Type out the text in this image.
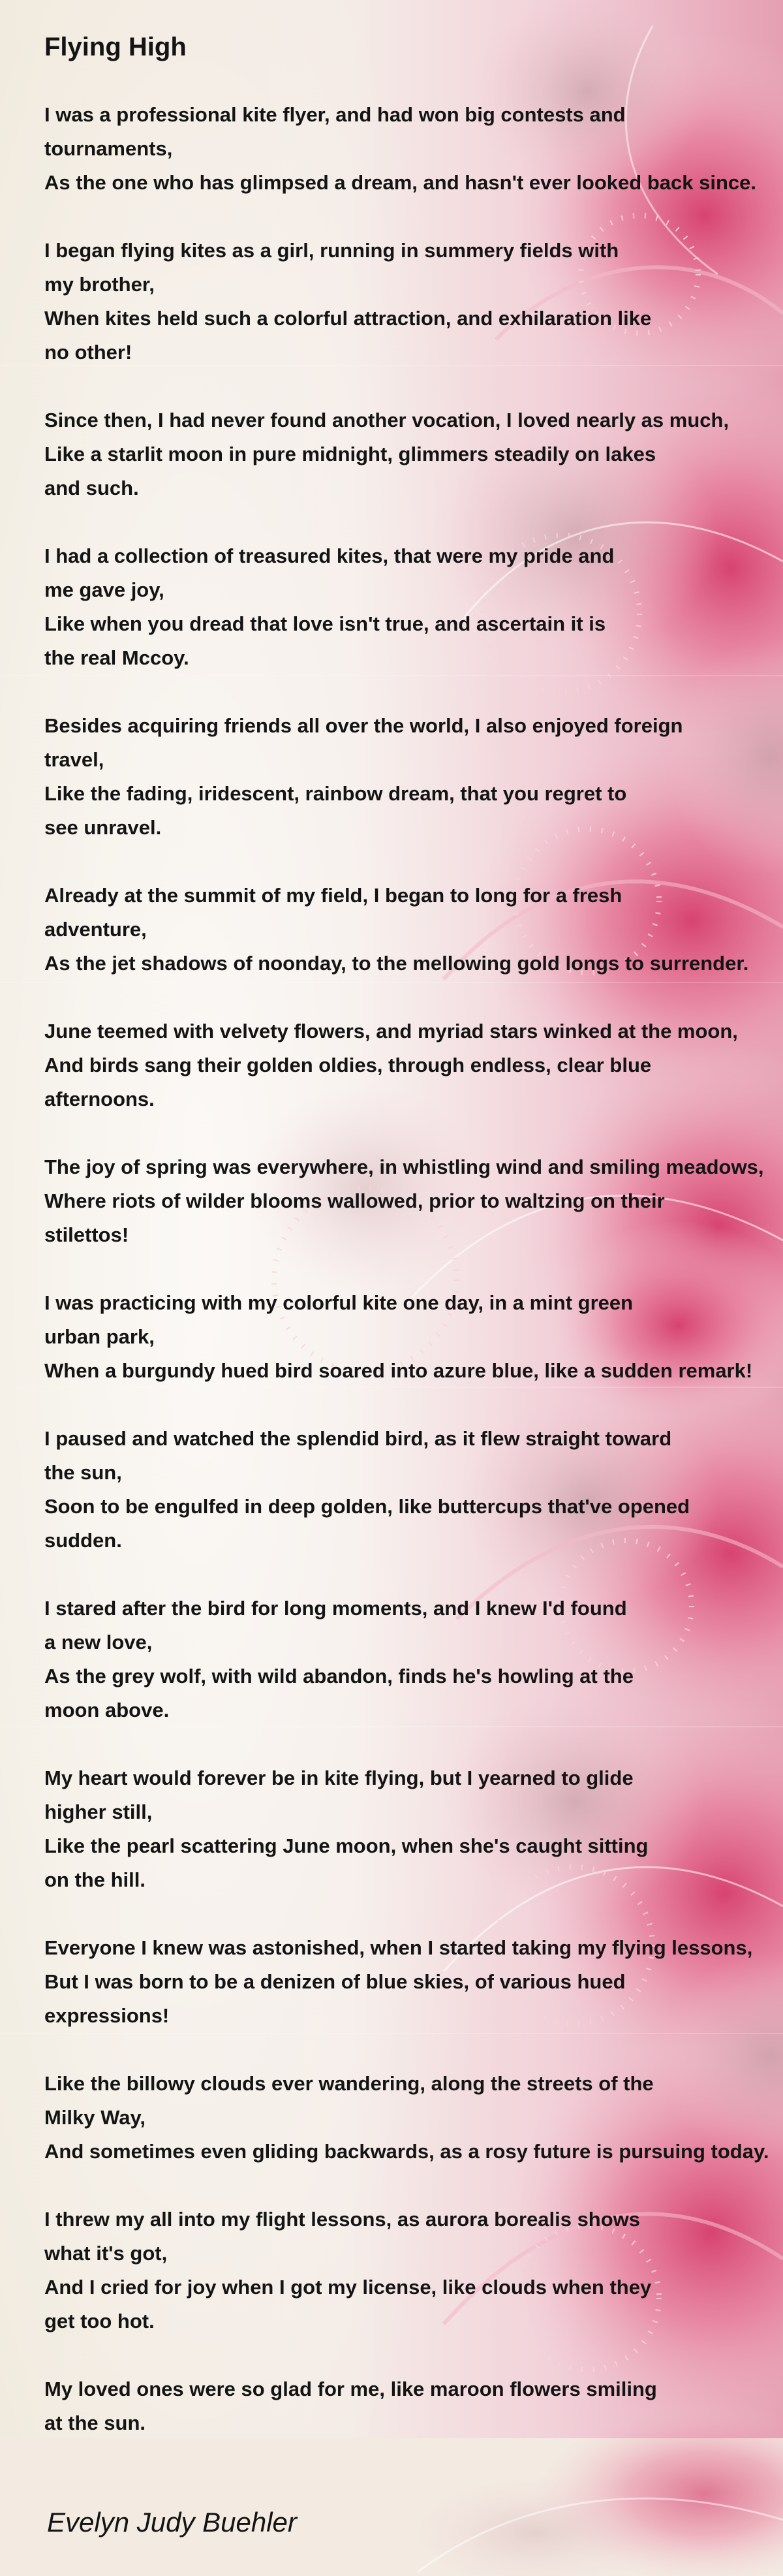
Flying High
I was a professional kite flyer, and had won big contests and
tournaments,
As the one who has glimpsed a dream, and hasn't ever looked back since.
I began flying kites as a girl, running in summery fields with
my brother,
When kites held such a colorful attraction, and exhilaration like
no other!
Since then, I had never found another vocation, I loved nearly as much,
Like a starlit moon in pure midnight, glimmers steadily on lakes
and such.
I had a collection of treasured kites, that were my pride and
me gave joy,
Like when you dread that love isn't true, and ascertain it is
the real Mccoy.
Besides acquiring friends all over the world, I also enjoyed foreign
travel,
Like the fading, iridescent, rainbow dream, that you regret to
see unravel.
Already at the summit of my field, I began to long for a fresh
adventure,
As the jet shadows of noonday, to the mellowing gold longs to surrender.
June teemed with velvety flowers, and myriad stars winked at the moon,
And birds sang their golden oldies, through endless, clear blue
afternoons.
The joy of spring was everywhere, in whistling wind and smiling meadows,
Where riots of wilder blooms wallowed, prior to waltzing on their
stilettos!
I was practicing with my colorful kite one day, in a mint green
urban park,
When a burgundy hued bird soared into azure blue, like a sudden remark!
I paused and watched the splendid bird, as it flew straight toward
the sun,
Soon to be engulfed in deep golden, like buttercups that've opened
sudden.
I stared after the bird for long moments, and I knew I'd found
a new love,
As the grey wolf, with wild abandon, finds he's howling at the
moon above.
My heart would forever be in kite flying, but I yearned to glide
higher still,
Like the pearl scattering June moon, when she's caught sitting
on the hill.
Everyone I knew was astonished, when I started taking my flying lessons,
But I was born to be a denizen of blue skies, of various hued
expressions!
Like the billowy clouds ever wandering, along the streets of the
Milky Way,
And sometimes even gliding backwards, as a rosy future is pursuing today.
I threw my all into my flight lessons, as aurora borealis shows
what it's got,
And I cried for joy when I got my license, like clouds when they
get too hot.
My loved ones were so glad for me, like maroon flowers smiling
at the sun.

Evelyn Judy Buehler
